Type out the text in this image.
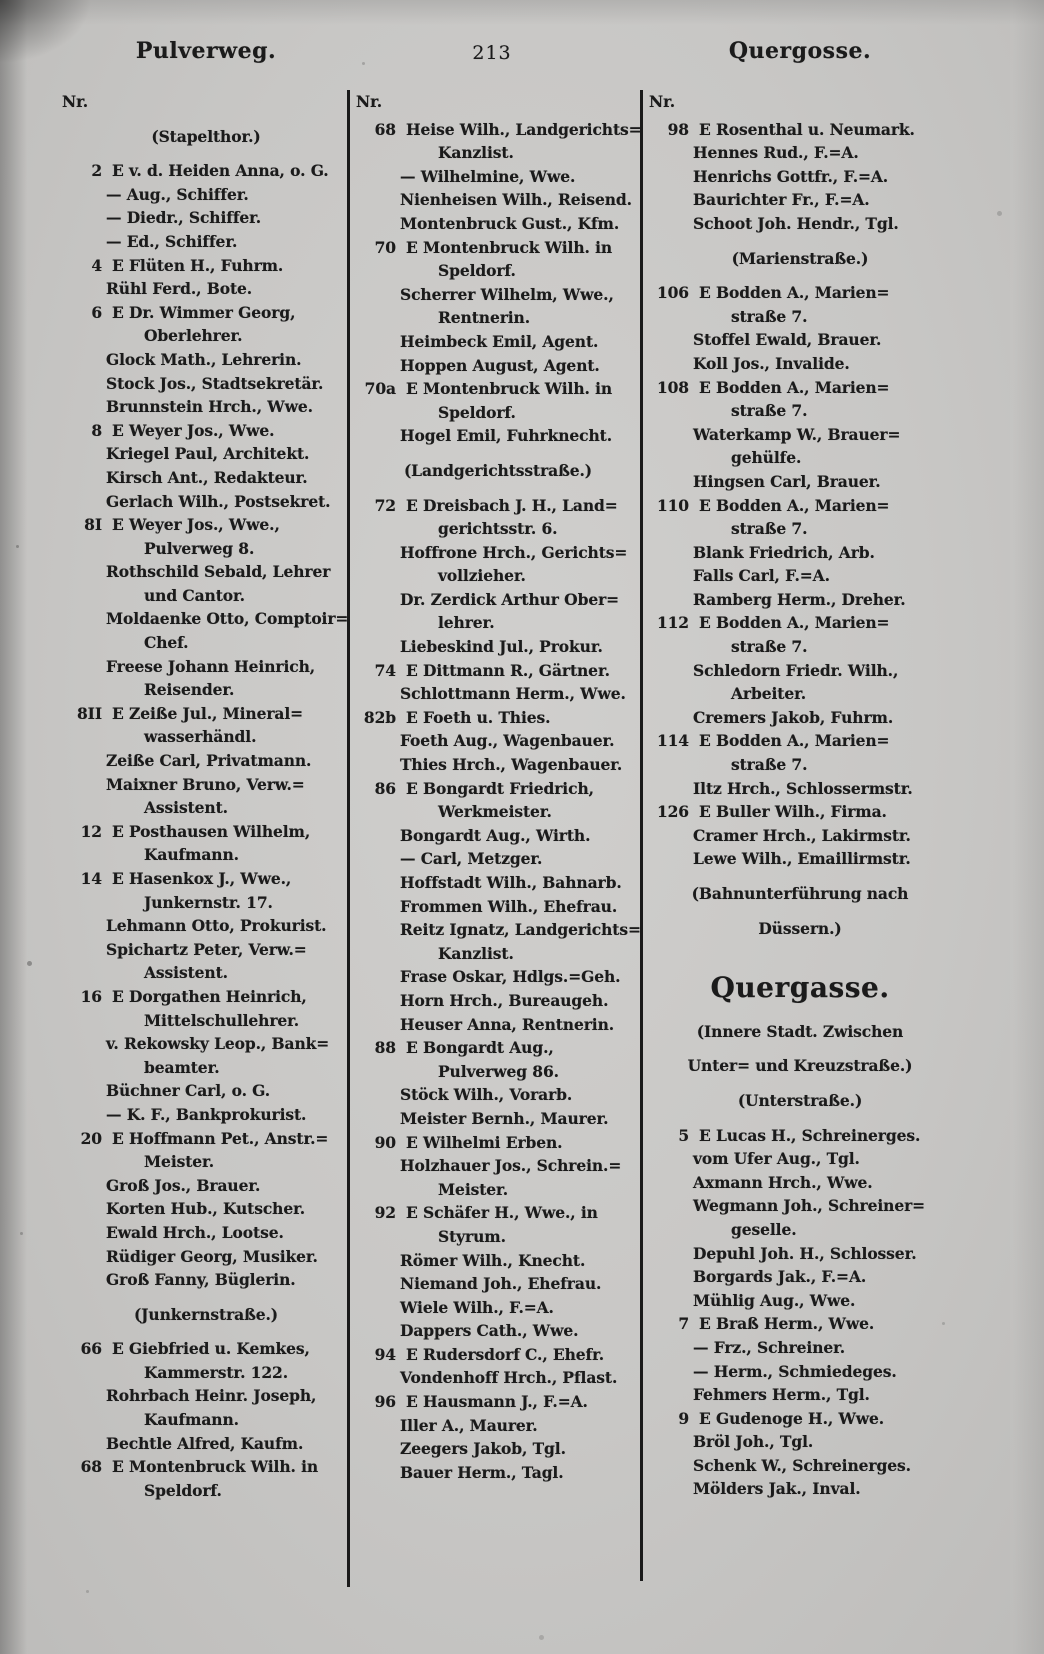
Pulverweg.	213	Quergosse.
Nr.
(Stapelthor.)
2 E v. d. Heiden Anna, o. G.
— Aug., Schiffer.
— Diedr., Schiffer.
— Ed., Schiffer.
4 E Flüten H., Fuhrm.
Rühl Ferd., Bote.
6 E Dr. Wimmer Georg,
Oberlehrer.
Glock Math., Lehrerin.
Stock Jos., Stadtsekretär.
Brunnstein Hrch., Wwe.
8 E Weyer Jos., Wwe.
Kriegel Paul, Architekt.
Kirsch Ant., Redakteur.
Gerlach Wilh., Postsekret.
8I E Weyer Jos., Wwe.,
Pulverweg 8.
Rothschild Sebald, Lehrer
und Cantor.
Moldaenke Otto, Comptoir=
Chef.
Freese Johann Heinrich,
Reisender.
8II E Zeiße Jul., Mineral=
wasserhändl.
Zeiße Carl, Privatmann.
Maixner Bruno, Verw.=
Assistent.
12 E Posthausen Wilhelm,
Kaufmann.
14 E Hasenkox J., Wwe.,
Junkernstr. 17.
Lehmann Otto, Prokurist.
Spichartz Peter, Verw.=
Assistent.
16 E Dorgathen Heinrich,
Mittelschullehrer.
v. Rekowsky Leop., Bank=
beamter.
Büchner Carl, o. G.
— K. F., Bankprokurist.
20 E Hoffmann Pet., Anstr.=
Meister.
Groß Jos., Brauer.
Korten Hub., Kutscher.
Ewald Hrch., Lootse.
Rüdiger Georg, Musiker.
Groß Fanny, Büglerin.
(Junkernstraße.)
66 E Giebfried u. Kemkes,
Kammerstr. 122.
Rohrbach Heinr. Joseph,
Kaufmann.
Bechtle Alfred, Kaufm.
68 E Montenbruck Wilh. in
Speldorf.
Nr.
68 Heise Wilh., Landgerichts=
Kanzlist.
— Wilhelmine, Wwe.
Nienheisen Wilh., Reisend.
Montenbruck Gust., Kfm.
70 E Montenbruck Wilh. in
Speldorf.
Scherrer Wilhelm, Wwe.,
Rentnerin.
Heimbeck Emil, Agent.
Hoppen August, Agent.
70a E Montenbruck Wilh. in
Speldorf.
Hogel Emil, Fuhrknecht.
(Landgerichtsstraße.)
72 E Dreisbach J. H., Land=
gerichtsstr. 6.
Hoffrone Hrch., Gerichts=
vollzieher.
Dr. Zerdick Arthur Ober=
lehrer.
Liebeskind Jul., Prokur.
74 E Dittmann R., Gärtner.
Schlottmann Herm., Wwe.
82b E Foeth u. Thies.
Foeth Aug., Wagenbauer.
Thies Hrch., Wagenbauer.
86 E Bongardt Friedrich,
Werkmeister.
Bongardt Aug., Wirth.
— Carl, Metzger.
Hoffstadt Wilh., Bahnarb.
Frommen Wilh., Ehefrau.
Reitz Ignatz, Landgerichts=
Kanzlist.
Frase Oskar, Hdlgs.=Geh.
Horn Hrch., Bureaugeh.
Heuser Anna, Rentnerin.
88 E Bongardt Aug.,
Pulverweg 86.
Stöck Wilh., Vorarb.
Meister Bernh., Maurer.
90 E Wilhelmi Erben.
Holzhauer Jos., Schrein.=
Meister.
92 E Schäfer H., Wwe., in
Styrum.
Römer Wilh., Knecht.
Niemand Joh., Ehefrau.
Wiele Wilh., F.=A.
Dappers Cath., Wwe.
94 E Rudersdorf C., Ehefr.
Vondenhoff Hrch., Pflast.
96 E Hausmann J., F.=A.
Iller A., Maurer.
Zeegers Jakob, Tgl.
Bauer Herm., Tagl.
Nr.
98 E Rosenthal u. Neumark.
Hennes Rud., F.=A.
Henrichs Gottfr., F.=A.
Baurichter Fr., F.=A.
Schoot Joh. Hendr., Tgl.
(Marienstraße.)
106 E Bodden A., Marien=
straße 7.
Stoffel Ewald, Brauer.
Koll Jos., Invalide.
108 E Bodden A., Marien=
straße 7.
Waterkamp W., Brauer=
gehülfe.
Hingsen Carl, Brauer.
110 E Bodden A., Marien=
straße 7.
Blank Friedrich, Arb.
Falls Carl, F.=A.
Ramberg Herm., Dreher.
112 E Bodden A., Marien=
straße 7.
Schledorn Friedr. Wilh.,
Arbeiter.
Cremers Jakob, Fuhrm.
114 E Bodden A., Marien=
straße 7.
Iltz Hrch., Schlossermstr.
126 E Buller Wilh., Firma.
Cramer Hrch., Lakirmstr.
Lewe Wilh., Emaillirmstr.
(Bahnunterführung nach
Düssern.)
Quergasse.
(Innere Stadt. Zwischen
Unter= und Kreuzstraße.)
(Unterstraße.)
5 E Lucas H., Schreinerges.
vom Ufer Aug., Tgl.
Axmann Hrch., Wwe.
Wegmann Joh., Schreiner=
geselle.
Depuhl Joh. H., Schlosser.
Borgards Jak., F.=A.
Mühlig Aug., Wwe.
7 E Braß Herm., Wwe.
— Frz., Schreiner.
— Herm., Schmiedeges.
Fehmers Herm., Tgl.
9 E Gudenoge H., Wwe.
Bröl Joh., Tgl.
Schenk W., Schreinerges.
Mölders Jak., Inval.
